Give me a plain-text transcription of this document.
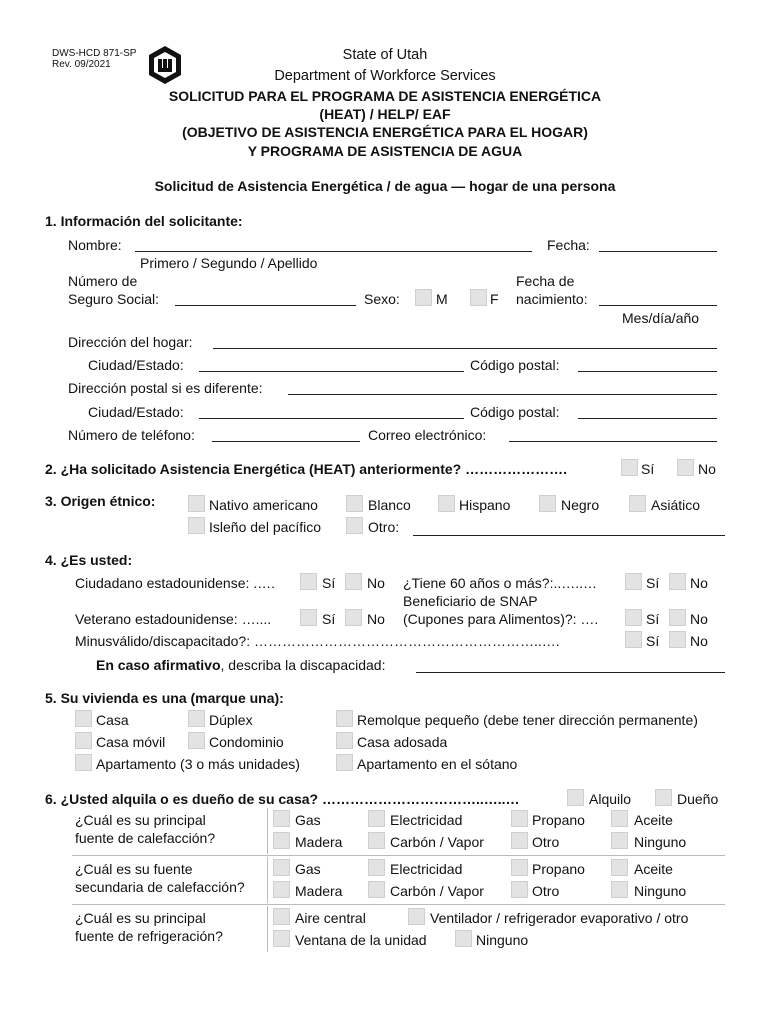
DWS-HCD 871-SP
Rev. 09/2021
State of Utah
Department of Workforce Services
SOLICITUD PARA EL PROGRAMA DE ASISTENCIA ENERGÉTICA
(HEAT) / HELP/ EAF
(OBJETIVO DE ASISTENCIA ENERGÉTICA PARA EL HOGAR)
Y PROGRAMA DE ASISTENCIA DE AGUA
Solicitud de Asistencia Energética / de agua — hogar de una persona
1. Información del solicitante:
Nombre:
Primero / Segundo / Apellido
Fecha:
Número de
Seguro Social:	Sexo:	M	F
Fecha de
nacimiento:
Mes/día/año
Dirección del hogar:
Ciudad/Estado:	Código postal:
Dirección postal si es diferente:
Ciudad/Estado:	Código postal:
Número de teléfono:	Correo electrónico:
2. ¿Ha solicitado Asistencia Energética (HEAT) anteriormente? ………………….	Sí	No
3. Origen étnico:	Nativo americano	Blanco	Hispano	Negro	Asiático
Isleño del pacífico	Otro:
4. ¿Es usted:
Ciudadano estadounidense: .….	Sí No ¿Tiene 60 años o más?:..…..…	Sí No
Beneficiario de SNAP
Veterano estadounidense: …....	Sí No (Cupones para Alimentos)?: ….	Sí No
Minusválido/discapacitado?: ……………………………………………………..….	Sí No
En caso afirmativo, describa la discapacidad:
5. Su vivienda es una (marque una):
Casa	Dúplex	Remolque pequeño (debe tener dirección permanente)
Casa móvil	Condominio	Casa adosada
Apartamento (3 o más unidades)	Apartamento en el sótano
6. ¿Usted alquila o es dueño de su casa? ……………………………..…..…	Alquilo	Dueño
¿Cuál es su principal
fuente de calefacción?
Gas	Electricidad	Propano	Aceite
Madera	Carbón / Vapor	Otro	Ninguno
¿Cuál es su fuente
secundaria de calefacción?
Gas	Electricidad	Propano	Aceite
Madera	Carbón / Vapor	Otro	Ninguno
¿Cuál es su principal
fuente de refrigeración?
Aire central	Ventilador / refrigerador evaporativo / otro
Ventana de la unidad	Ninguno
